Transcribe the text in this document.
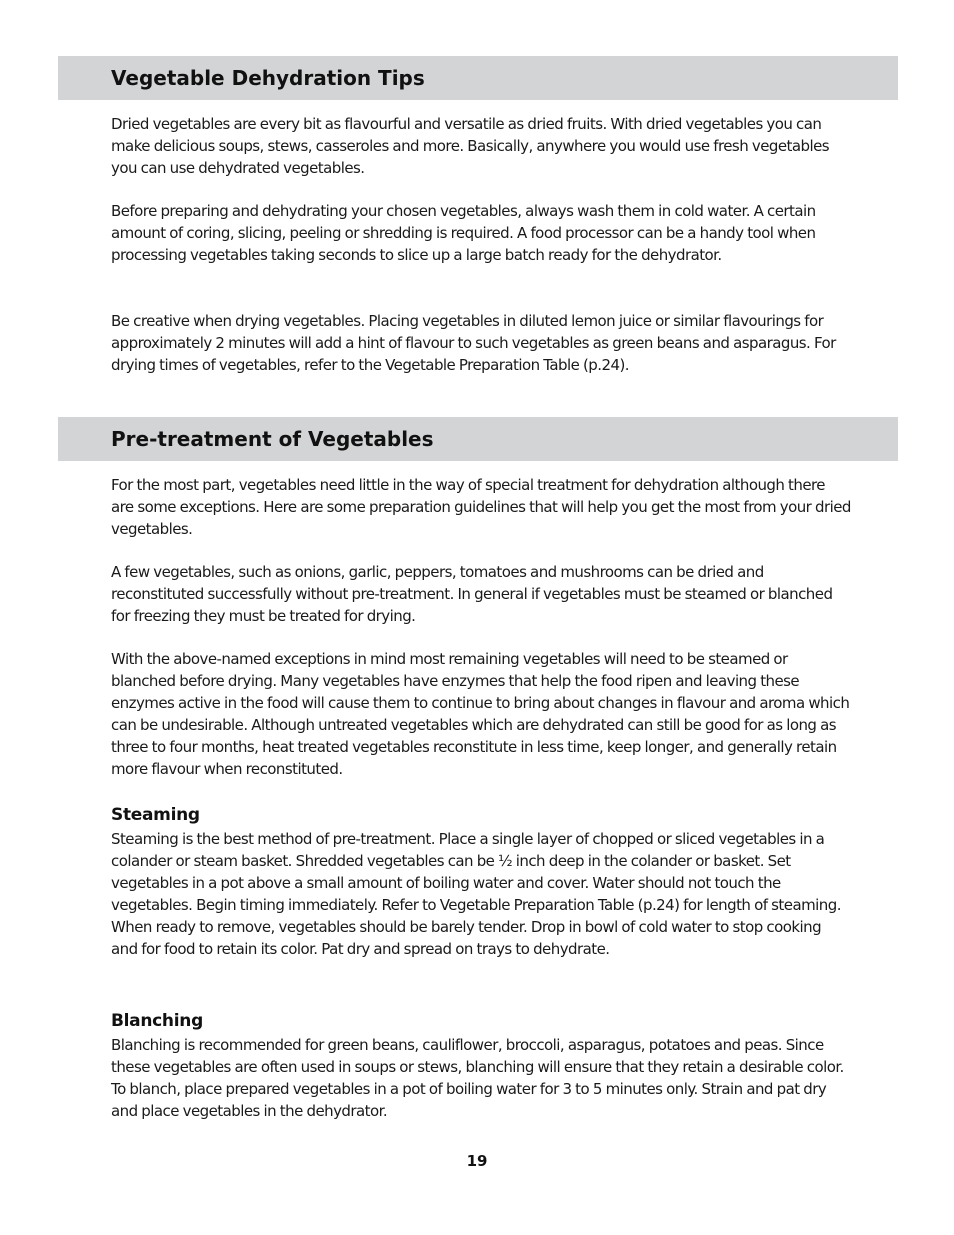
Vegetable Dehydration Tips

Dried vegetables are every bit as flavourful and versatile as dried fruits. With dried vegetables you can make delicious soups, stews, casseroles and more. Basically, anywhere you would use fresh vegetables you can use dehydrated vegetables.

Before preparing and dehydrating your chosen vegetables, always wash them in cold water. A certain amount of coring, slicing, peeling or shredding is required. A food processor can be a handy tool when processing vegetables taking seconds to slice up a large batch ready for the dehydrator.

Be creative when drying vegetables. Placing vegetables in diluted lemon juice or similar flavourings for approximately 2 minutes will add a hint of flavour to such vegetables as green beans and asparagus. For drying times of vegetables, refer to the Vegetable Preparation Table (p.24).

Pre-treatment of Vegetables

For the most part, vegetables need little in the way of special treatment for dehydration although there are some exceptions. Here are some preparation guidelines that will help you get the most from your dried vegetables.

A few vegetables, such as onions, garlic, peppers, tomatoes and mushrooms can be dried and reconstituted successfully without pre-treatment. In general if vegetables must be steamed or blanched for freezing they must be treated for drying.

With the above-named exceptions in mind most remaining vegetables will need to be steamed or blanched before drying. Many vegetables have enzymes that help the food ripen and leaving these enzymes active in the food will cause them to continue to bring about changes in flavour and aroma which can be undesirable. Although untreated vegetables which are dehydrated can still be good for as long as three to four months, heat treated vegetables reconstitute in less time, keep longer, and generally retain more flavour when reconstituted.

Steaming

Steaming is the best method of pre-treatment. Place a single layer of chopped or sliced vegetables in a colander or steam basket. Shredded vegetables can be ½ inch deep in the colander or basket. Set vegetables in a pot above a small amount of boiling water and cover. Water should not touch the vegetables. Begin timing immediately. Refer to Vegetable Preparation Table (p.24) for length of steaming. When ready to remove, vegetables should be barely tender. Drop in bowl of cold water to stop cooking and for food to retain its color. Pat dry and spread on trays to dehydrate.

Blanching

Blanching is recommended for green beans, cauliflower, broccoli, asparagus, potatoes and peas. Since these vegetables are often used in soups or stews, blanching will ensure that they retain a desirable color. To blanch, place prepared vegetables in a pot of boiling water for 3 to 5 minutes only. Strain and pat dry and place vegetables in the dehydrator.

19
